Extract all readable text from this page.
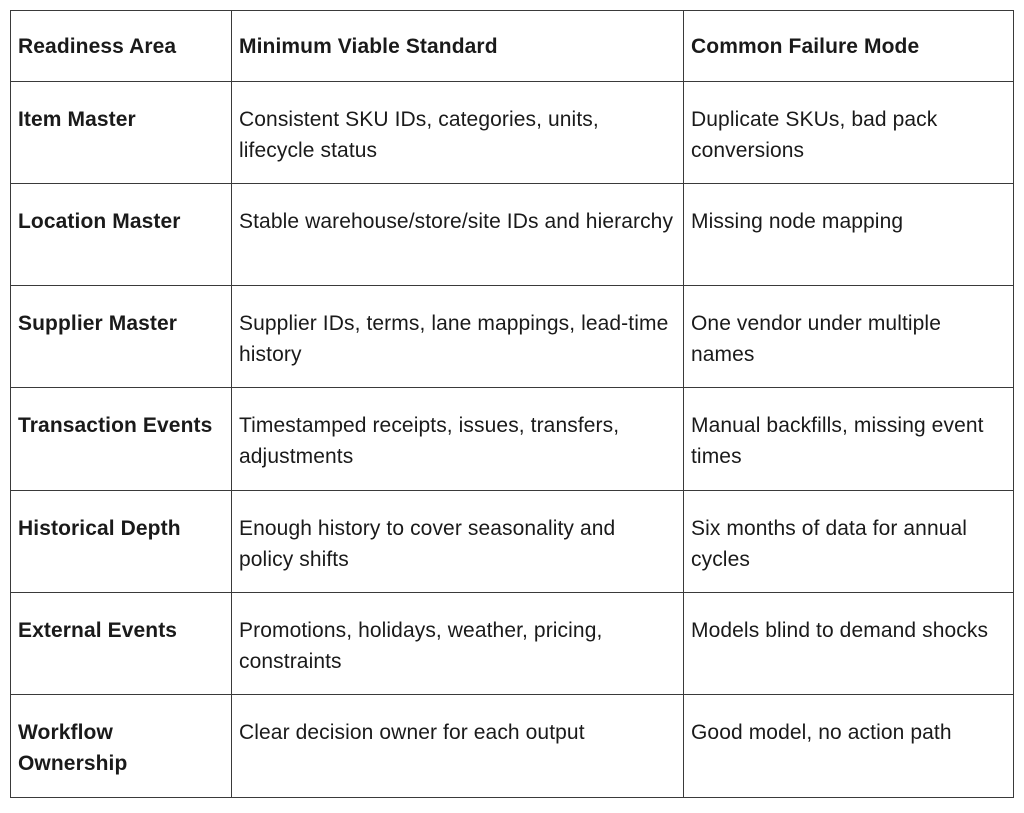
Readiness Area	Minimum Viable Standard	Common Failure Mode
Item Master	Consistent SKU IDs, categories, units, lifecycle status	Duplicate SKUs, bad pack conversions
Location Master	Stable warehouse/store/site IDs and hierarchy	Missing node mapping
Supplier Master	Supplier IDs, terms, lane mappings, lead-time history	One vendor under multiple names
Transaction Events	Timestamped receipts, issues, transfers, adjustments	Manual backfills, missing event times
Historical Depth	Enough history to cover seasonality and policy shifts	Six months of data for annual cycles
External Events	Promotions, holidays, weather, pricing, constraints	Models blind to demand shocks
Workflow Ownership	Clear decision owner for each output	Good model, no action path
